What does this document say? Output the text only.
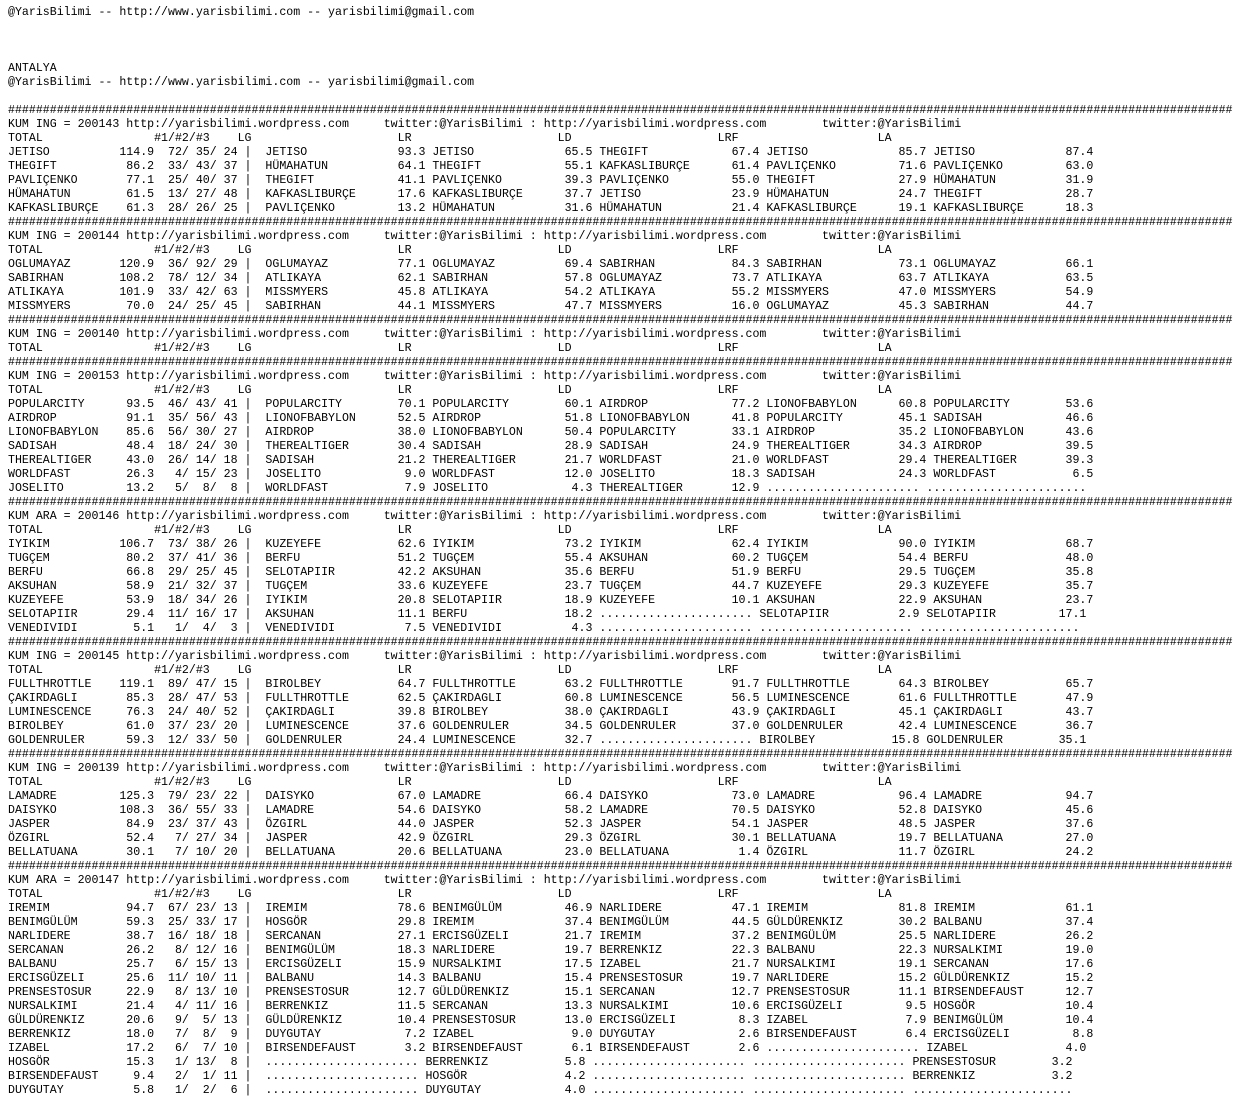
@YarisBilimi -- http://www.yarisbilimi.com -- yarisbilimi@gmail.com
ANTALYA
@YarisBilimi -- http://www.yarisbilimi.com -- yarisbilimi@gmail.com
################################################################################################################################################################################
KUM ING = 200143 http://yarisbilimi.wordpress.com     twitter:@YarisBilimi : http://yarisbilimi.wordpress.com        twitter:@YarisBilimi
TOTAL                #1/#2/#3    LG                     LR                     LD                     LRF                    LA
JETISO          114.9  72/ 35/ 24 |  JETISO             93.3 JETISO             65.5 THEGIFT            67.4 JETISO             85.7 JETISO             87.4
THEGIFT          86.2  33/ 43/ 37 |  HÜMAHATUN          64.1 THEGIFT            55.1 KAFKASLIBURÇE      61.4 PAVLIÇENKO         71.6 PAVLIÇENKO         63.0
PAVLIÇENKO       77.1  25/ 40/ 37 |  THEGIFT            41.1 PAVLIÇENKO         39.3 PAVLIÇENKO         55.0 THEGIFT            27.9 HÜMAHATUN          31.9
HÜMAHATUN        61.5  13/ 27/ 48 |  KAFKASLIBURÇE      17.6 KAFKASLIBURÇE      37.7 JETISO             23.9 HÜMAHATUN          24.7 THEGIFT            28.7
KAFKASLIBURÇE    61.3  28/ 26/ 25 |  PAVLIÇENKO         13.2 HÜMAHATUN          31.6 HÜMAHATUN          21.4 KAFKASLIBURÇE      19.1 KAFKASLIBURÇE      18.3
################################################################################################################################################################################
KUM ING = 200144 http://yarisbilimi.wordpress.com     twitter:@YarisBilimi : http://yarisbilimi.wordpress.com        twitter:@YarisBilimi
TOTAL                #1/#2/#3    LG                     LR                     LD                     LRF                    LA
OGLUMAYAZ       120.9  36/ 92/ 29 |  OGLUMAYAZ          77.1 OGLUMAYAZ          69.4 SABIRHAN           84.3 SABIRHAN           73.1 OGLUMAYAZ          66.1
SABIRHAN        108.2  78/ 12/ 34 |  ATLIKAYA           62.1 SABIRHAN           57.8 OGLUMAYAZ          73.7 ATLIKAYA           63.7 ATLIKAYA           63.5
ATLIKAYA        101.9  33/ 42/ 63 |  MISSMYERS          45.8 ATLIKAYA           54.2 ATLIKAYA           55.2 MISSMYERS          47.0 MISSMYERS          54.9
MISSMYERS        70.0  24/ 25/ 45 |  SABIRHAN           44.1 MISSMYERS          47.7 MISSMYERS          16.0 OGLUMAYAZ          45.3 SABIRHAN           44.7
################################################################################################################################################################################
KUM ING = 200140 http://yarisbilimi.wordpress.com     twitter:@YarisBilimi : http://yarisbilimi.wordpress.com        twitter:@YarisBilimi
TOTAL                #1/#2/#3    LG                     LR                     LD                     LRF                    LA
################################################################################################################################################################################
KUM ING = 200153 http://yarisbilimi.wordpress.com     twitter:@YarisBilimi : http://yarisbilimi.wordpress.com        twitter:@YarisBilimi
TOTAL                #1/#2/#3    LG                     LR                     LD                     LRF                    LA
POPULARCITY      93.5  46/ 43/ 41 |  POPULARCITY        70.1 POPULARCITY        60.1 AIRDROP            77.2 LIONOFBABYLON      60.8 POPULARCITY        53.6
AIRDROP          91.1  35/ 56/ 43 |  LIONOFBABYLON      52.5 AIRDROP            51.8 LIONOFBABYLON      41.8 POPULARCITY        45.1 SADISAH            46.6
LIONOFBABYLON    85.6  56/ 30/ 27 |  AIRDROP            38.0 LIONOFBABYLON      50.4 POPULARCITY        33.1 AIRDROP            35.2 LIONOFBABYLON      43.6
SADISAH          48.4  18/ 24/ 30 |  THEREALTIGER       30.4 SADISAH            28.9 SADISAH            24.9 THEREALTIGER       34.3 AIRDROP            39.5
THEREALTIGER     43.0  26/ 14/ 18 |  SADISAH            21.2 THEREALTIGER       21.7 WORLDFAST          21.0 WORLDFAST          29.4 THEREALTIGER       39.3
WORLDFAST        26.3   4/ 15/ 23 |  JOSELITO            9.0 WORLDFAST          12.0 JOSELITO           18.3 SADISAH            24.3 WORLDFAST           6.5
JOSELITO         13.2   5/  8/  8 |  WORLDFAST           7.9 JOSELITO            4.3 THEREALTIGER       12.9 ...................... .......................
################################################################################################################################################################################
KUM ARA = 200146 http://yarisbilimi.wordpress.com     twitter:@YarisBilimi : http://yarisbilimi.wordpress.com        twitter:@YarisBilimi
TOTAL                #1/#2/#3    LG                     LR                     LD                     LRF                    LA
IYIKIM          106.7  73/ 38/ 26 |  KUZEYEFE           62.6 IYIKIM             73.2 IYIKIM             62.4 IYIKIM             90.0 IYIKIM             68.7
TUGÇEM           80.2  37/ 41/ 36 |  BERFU              51.2 TUGÇEM             55.4 AKSUHAN            60.2 TUGÇEM             54.4 BERFU              48.0
BERFU            66.8  29/ 25/ 45 |  SELOTAPIIR         42.2 AKSUHAN            35.6 BERFU              51.9 BERFU              29.5 TUGÇEM             35.8
AKSUHAN          58.9  21/ 32/ 37 |  TUGÇEM             33.6 KUZEYEFE           23.7 TUGÇEM             44.7 KUZEYEFE           29.3 KUZEYEFE           35.7
KUZEYEFE         53.9  18/ 34/ 26 |  IYIKIM             20.8 SELOTAPIIR         18.9 KUZEYEFE           10.1 AKSUHAN            22.9 AKSUHAN            23.7
SELOTAPIIR       29.4  11/ 16/ 17 |  AKSUHAN            11.1 BERFU              18.2 ...................... SELOTAPIIR          2.9 SELOTAPIIR         17.1
VENEDIVIDI        5.1   1/  4/  3 |  VENEDIVIDI          7.5 VENEDIVIDI          4.3 ...................... ...................... .......................
################################################################################################################################################################################
KUM ING = 200145 http://yarisbilimi.wordpress.com     twitter:@YarisBilimi : http://yarisbilimi.wordpress.com        twitter:@YarisBilimi
TOTAL                #1/#2/#3    LG                     LR                     LD                     LRF                    LA
FULLTHROTTLE    119.1  89/ 47/ 15 |  BIROLBEY           64.7 FULLTHROTTLE       63.2 FULLTHROTTLE       91.7 FULLTHROTTLE       64.3 BIROLBEY           65.7
ÇAKIRDAGLI       85.3  28/ 47/ 53 |  FULLTHROTTLE       62.5 ÇAKIRDAGLI         60.8 LUMINESCENCE       56.5 LUMINESCENCE       61.6 FULLTHROTTLE       47.9
LUMINESCENCE     76.3  24/ 40/ 52 |  ÇAKIRDAGLI         39.8 BIROLBEY           38.0 ÇAKIRDAGLI         43.9 ÇAKIRDAGLI         45.1 ÇAKIRDAGLI         43.7
BIROLBEY         61.0  37/ 23/ 20 |  LUMINESCENCE       37.6 GOLDENRULER        34.5 GOLDENRULER        37.0 GOLDENRULER        42.4 LUMINESCENCE       36.7
GOLDENRULER      59.3  12/ 33/ 50 |  GOLDENRULER        24.4 LUMINESCENCE       32.7 ...................... BIROLBEY           15.8 GOLDENRULER        35.1
################################################################################################################################################################################
KUM ING = 200139 http://yarisbilimi.wordpress.com     twitter:@YarisBilimi : http://yarisbilimi.wordpress.com        twitter:@YarisBilimi
TOTAL                #1/#2/#3    LG                     LR                     LD                     LRF                    LA
LAMADRE         125.3  79/ 23/ 22 |  DAISYKO            67.0 LAMADRE            66.4 DAISYKO            73.0 LAMADRE            96.4 LAMADRE            94.7
DAISYKO         108.3  36/ 55/ 33 |  LAMADRE            54.6 DAISYKO            58.2 LAMADRE            70.5 DAISYKO            52.8 DAISYKO            45.6
JASPER           84.9  23/ 37/ 43 |  ÖZGIRL             44.0 JASPER             52.3 JASPER             54.1 JASPER             48.5 JASPER             37.6
ÖZGIRL           52.4   7/ 27/ 34 |  JASPER             42.9 ÖZGIRL             29.3 ÖZGIRL             30.1 BELLATUANA         19.7 BELLATUANA         27.0
BELLATUANA       30.1   7/ 10/ 20 |  BELLATUANA         20.6 BELLATUANA         23.0 BELLATUANA          1.4 ÖZGIRL             11.7 ÖZGIRL             24.2
################################################################################################################################################################################
KUM ARA = 200147 http://yarisbilimi.wordpress.com     twitter:@YarisBilimi : http://yarisbilimi.wordpress.com        twitter:@YarisBilimi
TOTAL                #1/#2/#3    LG                     LR                     LD                     LRF                    LA
IREMIM           94.7  67/ 23/ 13 |  IREMIM             78.6 BENIMGÜLÜM         46.9 NARLIDERE          47.1 IREMIM             81.8 IREMIM             61.1
BENIMGÜLÜM       59.3  25/ 33/ 17 |  HOSGÖR             29.8 IREMIM             37.4 BENIMGÜLÜM         44.5 GÜLDÜRENKIZ        30.2 BALBANU            37.4
NARLIDERE        38.7  16/ 18/ 18 |  SERCANAN           27.1 ERCISGÜZELI        21.7 IREMIM             37.2 BENIMGÜLÜM         25.5 NARLIDERE          26.2
SERCANAN         26.2   8/ 12/ 16 |  BENIMGÜLÜM         18.3 NARLIDERE          19.7 BERRENKIZ          22.3 BALBANU            22.3 NURSALKIMI         19.0
BALBANU          25.7   6/ 15/ 13 |  ERCISGÜZELI        15.9 NURSALKIMI         17.5 IZABEL             21.7 NURSALKIMI         19.1 SERCANAN           17.6
ERCISGÜZELI      25.6  11/ 10/ 11 |  BALBANU            14.3 BALBANU            15.4 PRENSESTOSUR       19.7 NARLIDERE          15.2 GÜLDÜRENKIZ        15.2
PRENSESTOSUR     22.9   8/ 13/ 10 |  PRENSESTOSUR       12.7 GÜLDÜRENKIZ        15.1 SERCANAN           12.7 PRENSESTOSUR       11.1 BIRSENDEFAUST      12.7
NURSALKIMI       21.4   4/ 11/ 16 |  BERRENKIZ          11.5 SERCANAN           13.3 NURSALKIMI         10.6 ERCISGÜZELI         9.5 HOSGÖR             10.4
GÜLDÜRENKIZ      20.6   9/  5/ 13 |  GÜLDÜRENKIZ        10.4 PRENSESTOSUR       13.0 ERCISGÜZELI         8.3 IZABEL              7.9 BENIMGÜLÜM         10.4
BERRENKIZ        18.0   7/  8/  9 |  DUYGUTAY            7.2 IZABEL              9.0 DUYGUTAY            2.6 BIRSENDEFAUST       6.4 ERCISGÜZELI         8.8
IZABEL           17.2   6/  7/ 10 |  BIRSENDEFAUST       3.2 BIRSENDEFAUST       6.1 BIRSENDEFAUST       2.6 ...................... IZABEL              4.0
HOSGÖR           15.3   1/ 13/  8 |  ...................... BERRENKIZ           5.8 ...................... ...................... PRENSESTOSUR        3.2
BIRSENDEFAUST     9.4   2/  1/ 11 |  ...................... HOSGÖR              4.2 ...................... ...................... BERRENKIZ           3.2
DUYGUTAY          5.8   1/  2/  6 |  ...................... DUYGUTAY            4.0 ...................... ...................... .......................
